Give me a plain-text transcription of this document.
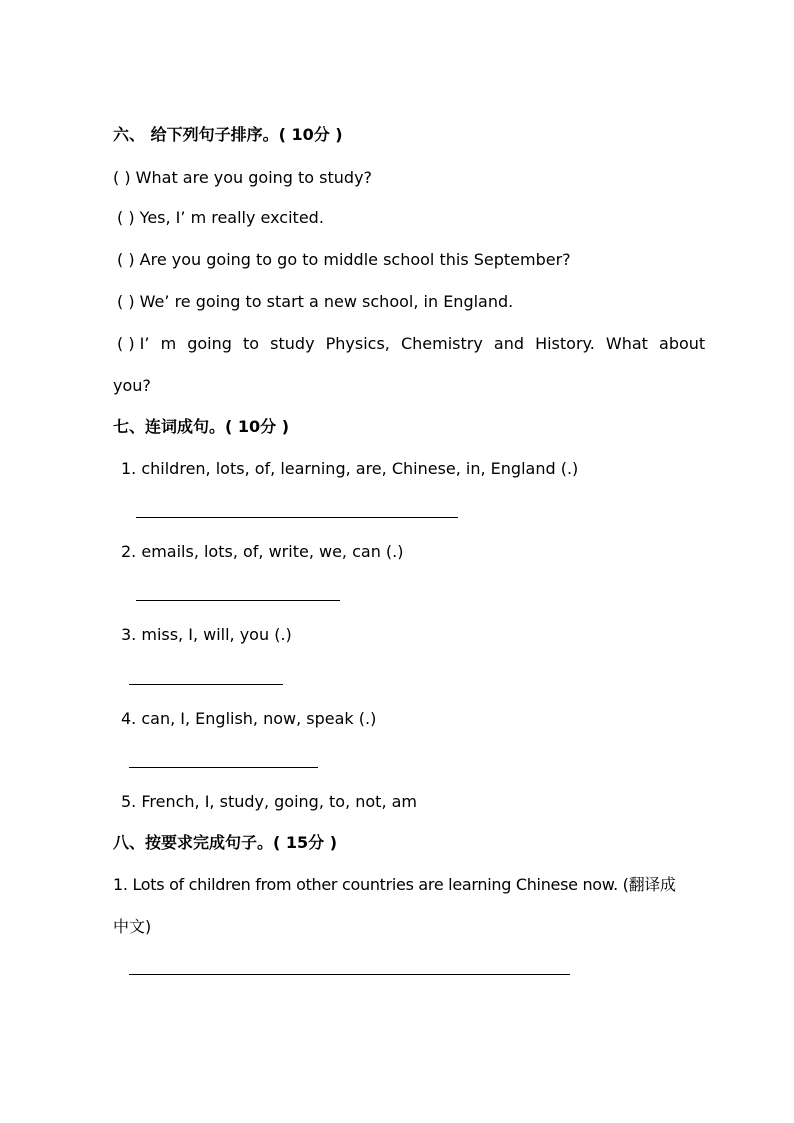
六、 给下列句子排序。( 10分 )
( ) What are you going to study?
( ) Yes, I’ m really excited.
( ) Are you going to go to middle school this September?
( ) We’ re going to start a new school, in England.
( ) I’ m going to study Physics, Chemistry and History. What about
you?
七、连词成句。( 10分 )
1. children, lots, of, learning, are, Chinese, in, England (.)
2. emails, lots, of, write, we, can (.)
3. miss, I, will, you (.)
4. can, I, English, now, speak (.)
5. French, I, study, going, to, not, am
八、按要求完成句子。( 15分 )
1. Lots of children from other countries are learning Chinese now. (翻译成
中文)
